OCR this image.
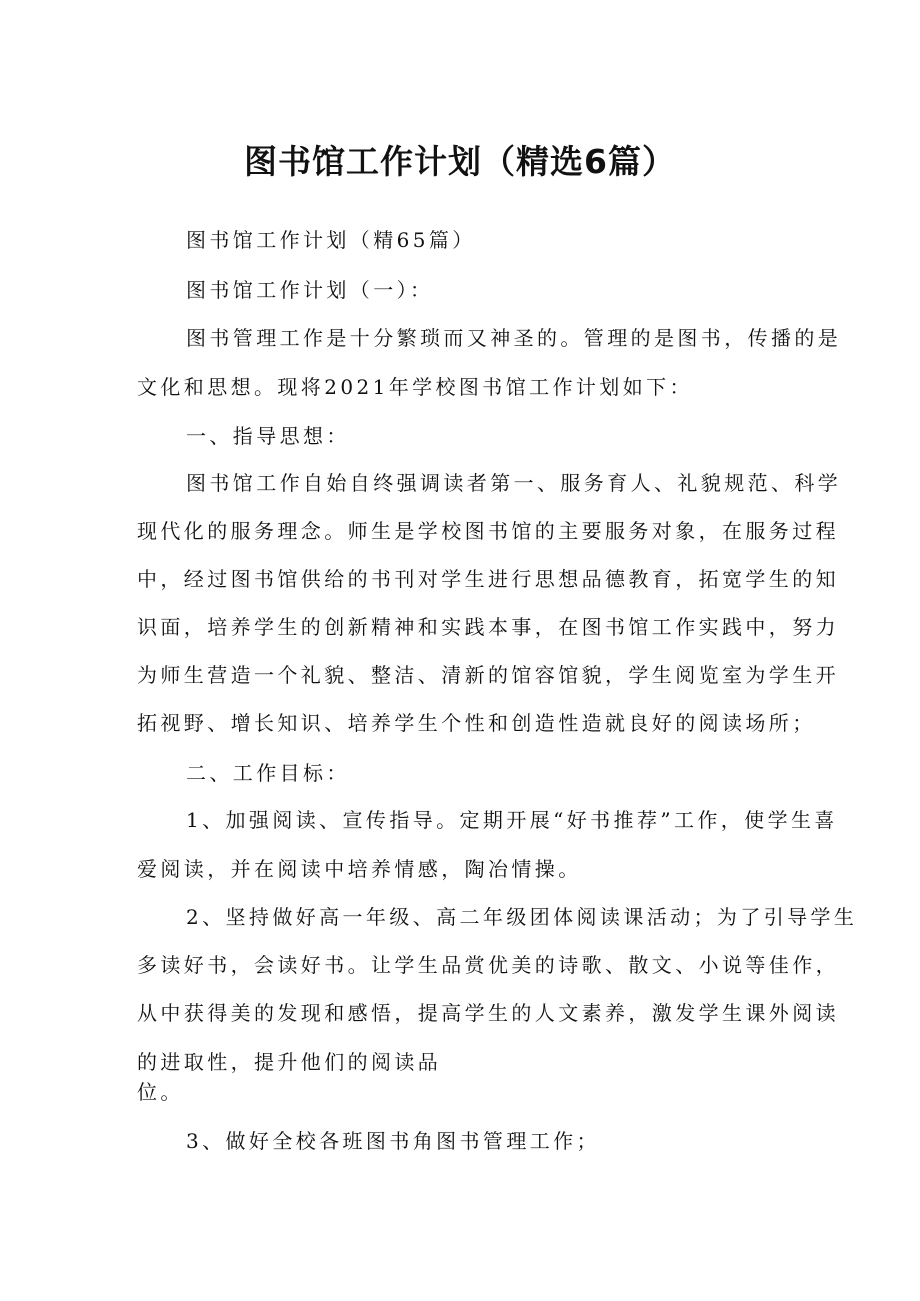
图书馆工作计划（精选6篇）
图书馆工作计划（精65篇）
图书馆工作计划（一）：
图书管理工作是十分繁琐而又神圣的。管理的是图书，传播的是
文化和思想。现将2021年学校图书馆工作计划如下：
一、指导思想：
图书馆工作自始自终强调读者第一、服务育人、礼貌规范、科学
现代化的服务理念。师生是学校图书馆的主要服务对象，在服务过程
中，经过图书馆供给的书刊对学生进行思想品德教育，拓宽学生的知
识面，培养学生的创新精神和实践本事，在图书馆工作实践中，努力
为师生营造一个礼貌、整洁、清新的馆容馆貌，学生阅览室为学生开
拓视野、增长知识、培养学生个性和创造性造就良好的阅读场所；
二、工作目标：
1、加强阅读、宣传指导。定期开展“好书推荐”工作，使学生喜
爱阅读，并在阅读中培养情感，陶冶情操。
2、坚持做好高一年级、高二年级团体阅读课活动；为了引导学生
多读好书，会读好书。让学生品赏优美的诗歌、散文、小说等佳作，
从中获得美的发现和感悟，提高学生的人文素养，激发学生课外阅读
的进取性，提升他们的阅读品
位。
3、做好全校各班图书角图书管理工作；
